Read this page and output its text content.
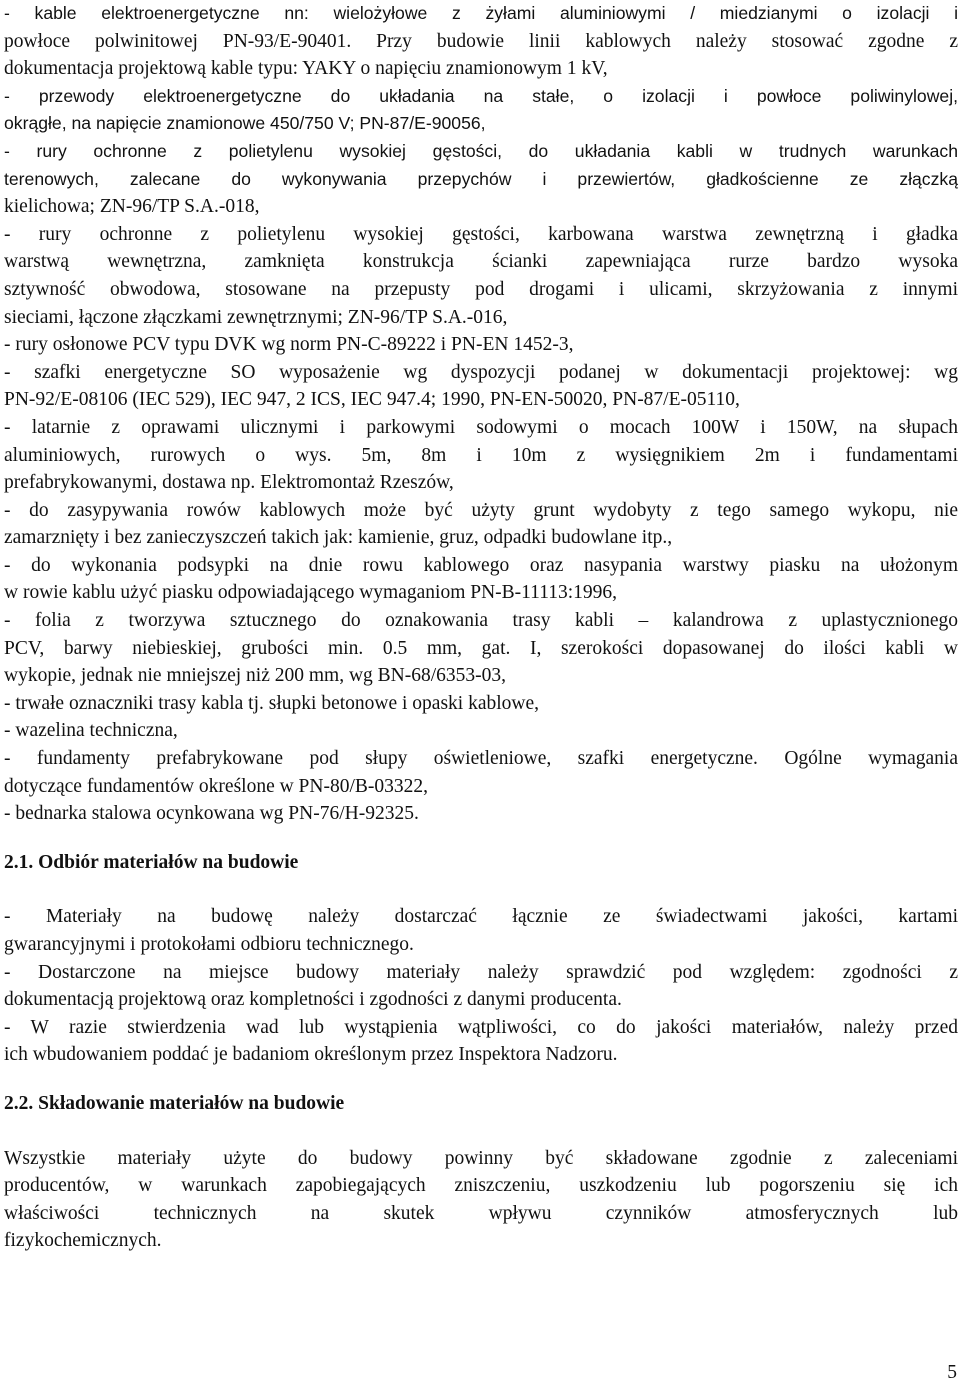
- kable elektroenergetyczne nn: wielożyłowe z żyłami aluminiowymi / miedzianymi o izolacji i
powłoce polwinitowej PN-93/E-90401. Przy budowie linii kablowych należy stosować zgodne z
dokumentacja projektową kable typu: YAKY o napięciu znamionowym 1 kV,
- przewody elektroenergetyczne do układania na stałe, o izolacji i powłoce poliwinylowej,
okrągłe, na napięcie znamionowe 450/750 V; PN-87/E-90056,
- rury ochronne z polietylenu wysokiej gęstości, do układania kabli w trudnych warunkach
terenowych, zalecane do wykonywania przepychów i przewiertów, gładkościenne ze złączką
kielichowa; ZN-96/TP S.A.-018,
- rury ochronne z polietylenu wysokiej gęstości, karbowana warstwa zewnętrzną i gładka
warstwą wewnętrzna, zamknięta konstrukcja ścianki zapewniająca rurze bardzo wysoka
sztywność obwodowa, stosowane na przepusty pod drogami i ulicami, skrzyżowania z innymi
sieciami, łączone złączkami zewnętrznymi; ZN-96/TP S.A.-016,
- rury osłonowe PCV typu DVK wg norm PN-C-89222 i PN-EN 1452-3,
- szafki energetyczne SO wyposażenie wg dyspozycji podanej w dokumentacji projektowej: wg
PN-92/E-08106 (IEC 529), IEC 947, 2 ICS, IEC 947.4; 1990, PN-EN-50020, PN-87/E-05110,
- latarnie z oprawami ulicznymi i parkowymi sodowymi o mocach 100W i 150W, na słupach
aluminiowych, rurowych o wys. 5m, 8m i 10m z wysięgnikiem 2m i fundamentami
prefabrykowanymi, dostawa np. Elektromontaż Rzeszów,
- do zasypywania rowów kablowych może być użyty grunt wydobyty z tego samego wykopu, nie
zamarznięty i bez zanieczyszczeń takich jak: kamienie, gruz, odpadki budowlane itp.,
- do wykonania podsypki na dnie rowu kablowego oraz nasypania warstwy piasku na ułożonym
w rowie kablu użyć piasku odpowiadającego wymaganiom PN-B-11113:1996,
- folia z tworzywa sztucznego do oznakowania trasy kabli – kalandrowa z uplastycznionego
PCV, barwy niebieskiej, grubości min. 0.5 mm, gat. I, szerokości dopasowanej do ilości kabli w
wykopie, jednak nie mniejszej niż 200 mm, wg BN-68/6353-03,
- trwałe oznaczniki trasy kabla tj. słupki betonowe i opaski kablowe,
- wazelina techniczna,
- fundamenty prefabrykowane pod słupy oświetleniowe, szafki energetyczne. Ogólne wymagania
dotyczące fundamentów określone w PN-80/B-03322,
- bednarka stalowa ocynkowana wg PN-76/H-92325.
2.1. Odbiór materiałów na budowie
- Materiały na budowę należy dostarczać łącznie ze świadectwami jakości, kartami
gwarancyjnymi i protokołami odbioru technicznego.
- Dostarczone na miejsce budowy materiały należy sprawdzić pod względem: zgodności z
dokumentacją projektową oraz kompletności i zgodności z danymi producenta.
- W razie stwierdzenia wad lub wystąpienia wątpliwości, co do jakości materiałów, należy przed
ich wbudowaniem poddać je badaniom określonym przez Inspektora Nadzoru.
2.2. Składowanie materiałów na budowie
Wszystkie materiały użyte do budowy powinny być składowane zgodnie z zaleceniami
producentów, w warunkach zapobiegających zniszczeniu, uszkodzeniu lub pogorszeniu się ich
właściwości technicznych na skutek wpływu czynników atmosferycznych lub
fizykochemicznych.
5
